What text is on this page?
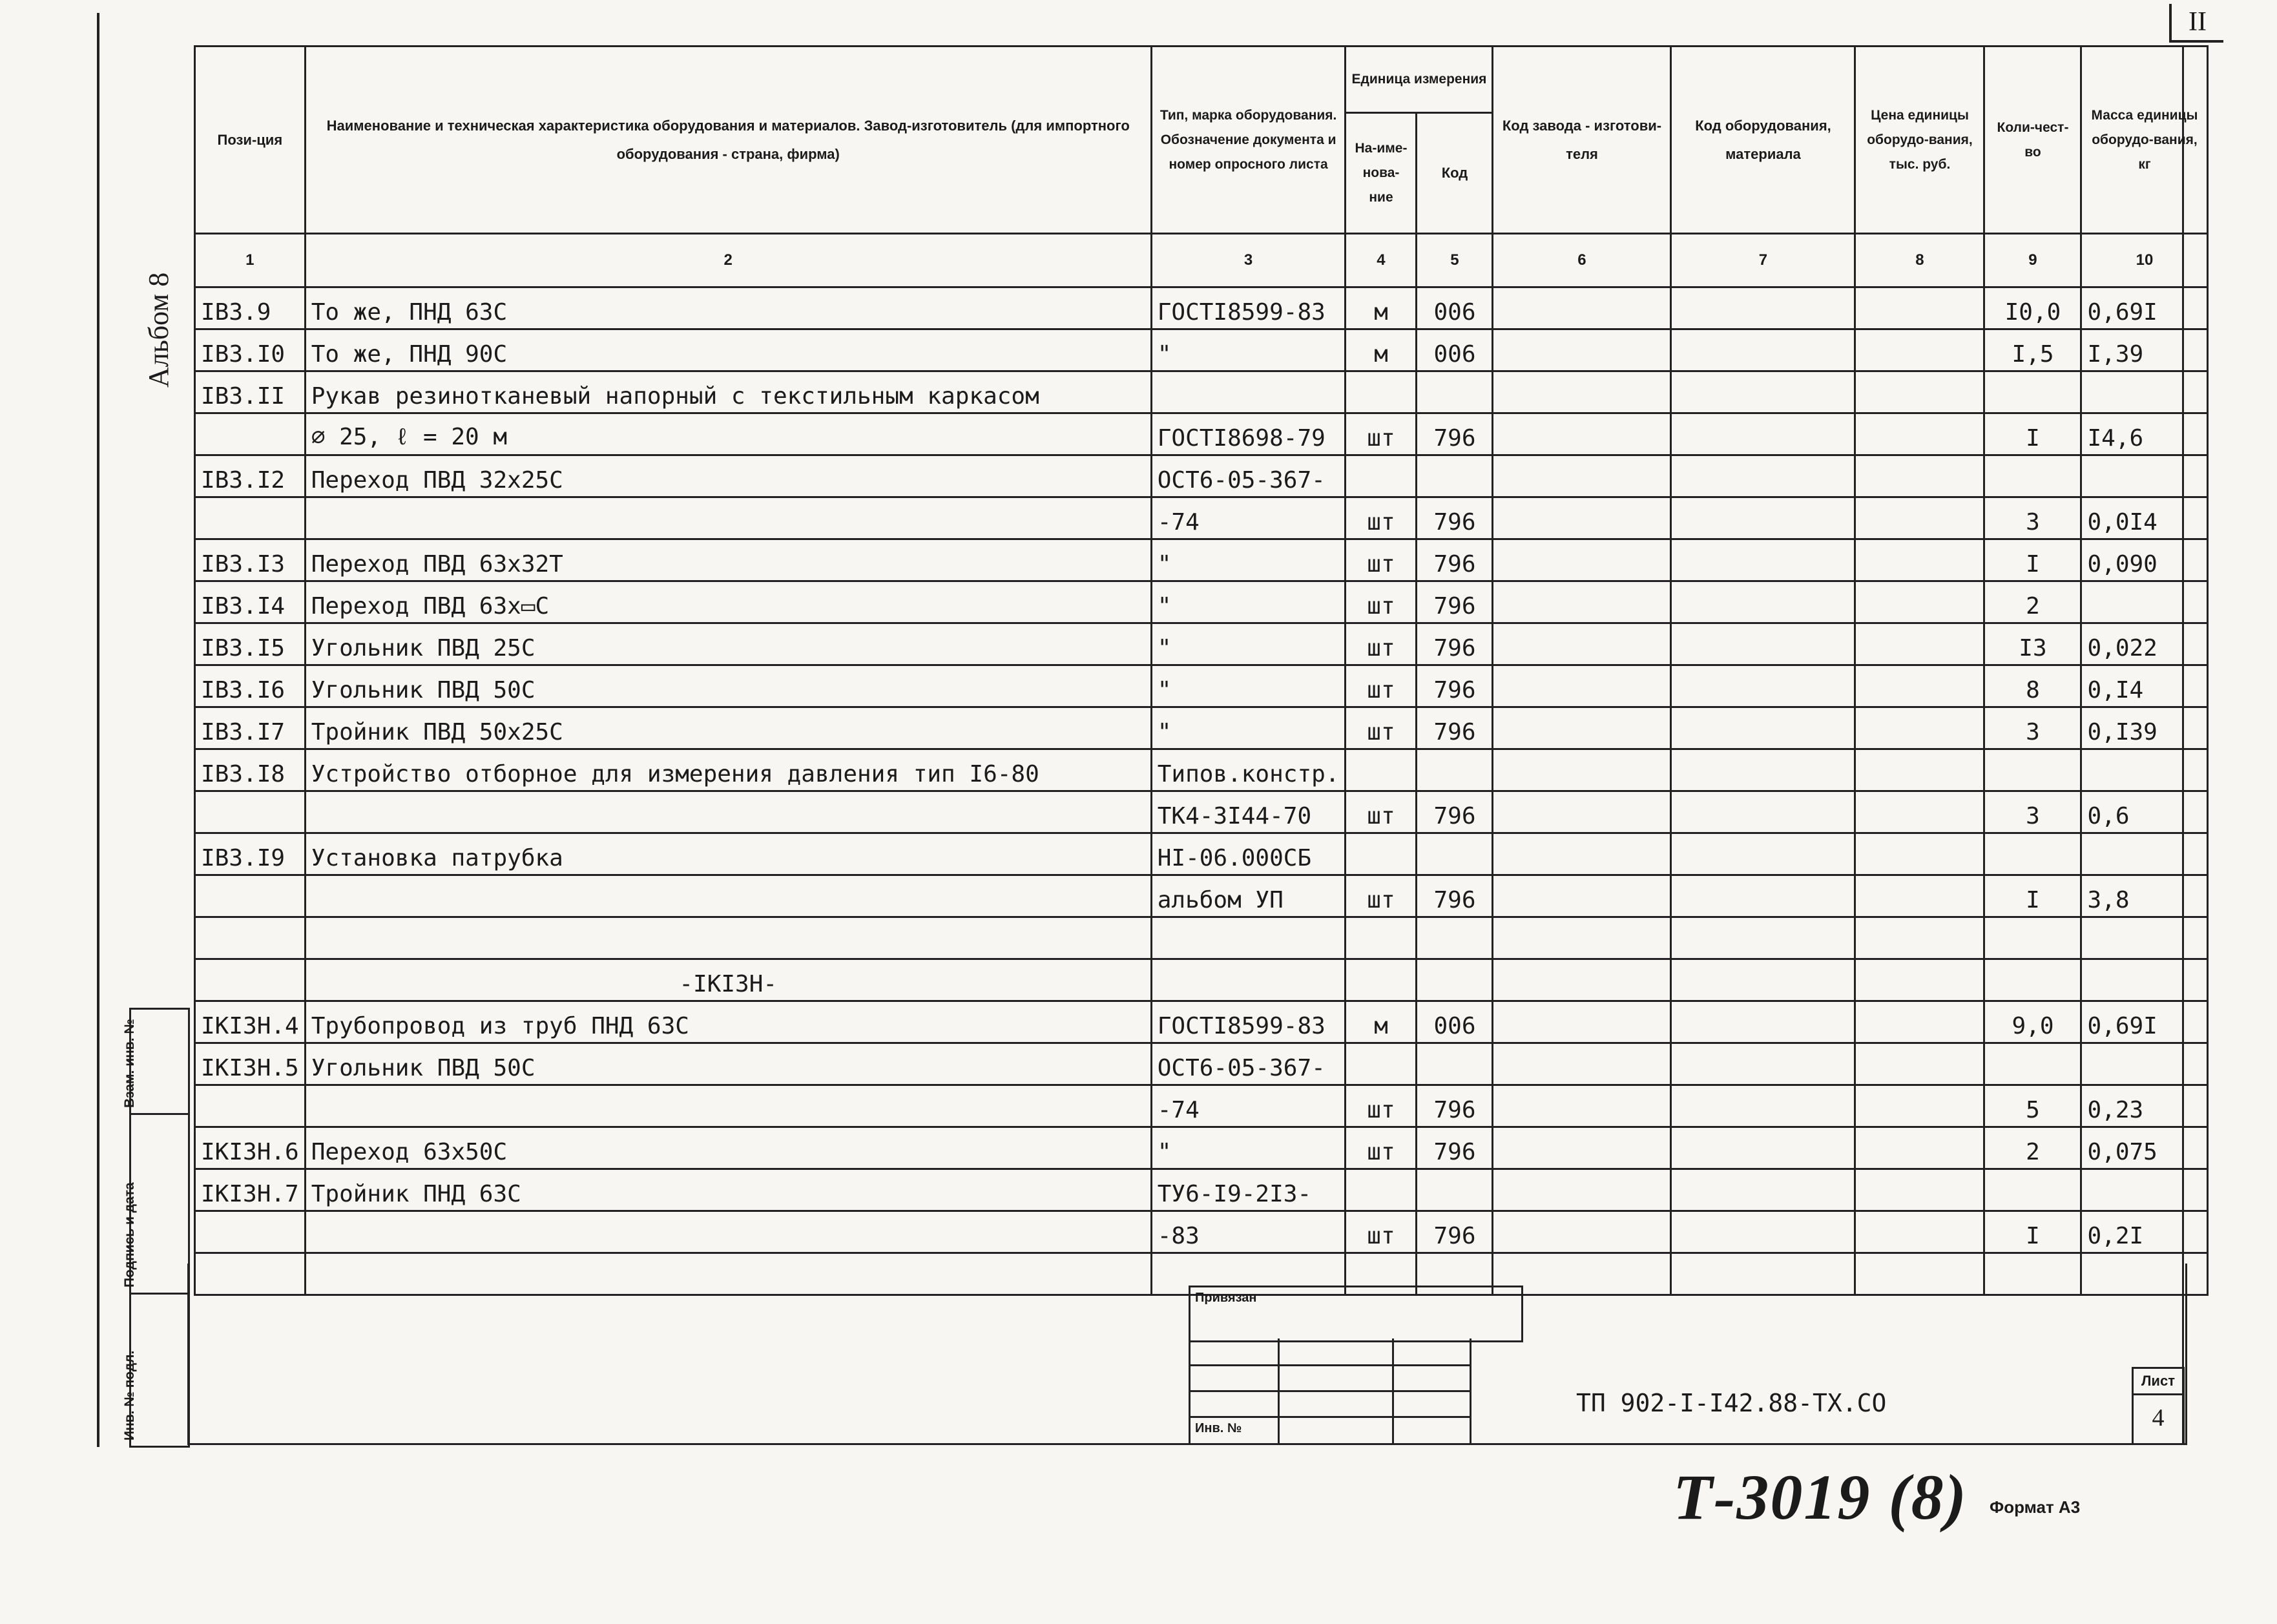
II
Альбом 8
Пози-ция	Наименование и техническая характеристика оборудования и материалов. Завод-изготовитель (для импортного оборудования - страна, фирма)	Тип, марка оборудования. Обозначение документа и номер опросного листа	Единица измерения		Код завода - изготови-теля	Код оборудования, материала	Цена единицы оборудо-вания, тыс. руб.	Коли-чест-во	Масса единицы оборудо-вания, кг
			На-име-нова-ние	Код					
1	2	3	4	5	6	7	8	9	10
IB3.9	То же, ПНД 63С	ГОСТI8599-83	м	006				I0,0	0,69I
IB3.I0	То же, ПНД 90С	"	м	006				I,5	I,39
IB3.II	Рукав резинотканевый напорный с текстильным каркасом								
	∅ 25, ℓ = 20 м	ГОСТI8698-79	шт	796				I	I4,6
IB3.I2	Переход ПВД 32х25С	ОСТ6-05-367-							
		-74	шт	796				3	0,0I4
IB3.I3	Переход ПВД 63х32Т	"	шт	796				I	0,090
IB3.I4	Переход ПВД 63х▭С	"	шт	796				2	
IB3.I5	Угольник ПВД 25С	"	шт	796				I3	0,022
IB3.I6	Угольник ПВД 50С	"	шт	796				8	0,I4
IB3.I7	Тройник ПВД 50х25С	"	шт	796				3	0,I39
IB3.I8	Устройство отборное для измерения давления тип I6-80	Типов.констр.							
		ТК4-3I44-70	шт	796				3	0,6
IB3.I9	Установка патрубка	НI-06.000СБ							
		альбом УП	шт	796				I	3,8

	-IKI3H-								
IKI3H.4	Трубопровод из труб ПНД 63С	ГОСТI8599-83	м	006				9,0	0,69I
IKI3H.5	Угольник ПВД 50С	ОСТ6-05-367-							
		-74	шт	796				5	0,23
IKI3H.6	Переход 63х50С	"	шт	796				2	0,075
IKI3H.7	Тройник ПНД 63С	ТУ6-I9-2I3-							
		-83	шт	796				I	0,2I

Взам. инв. №
Подпись и дата
Инв. № подл.
Привязан
Инв. №
ТП 902-I-I42.88-ТХ.СО
Лист
4
Т-3019 (8) Формат А3
